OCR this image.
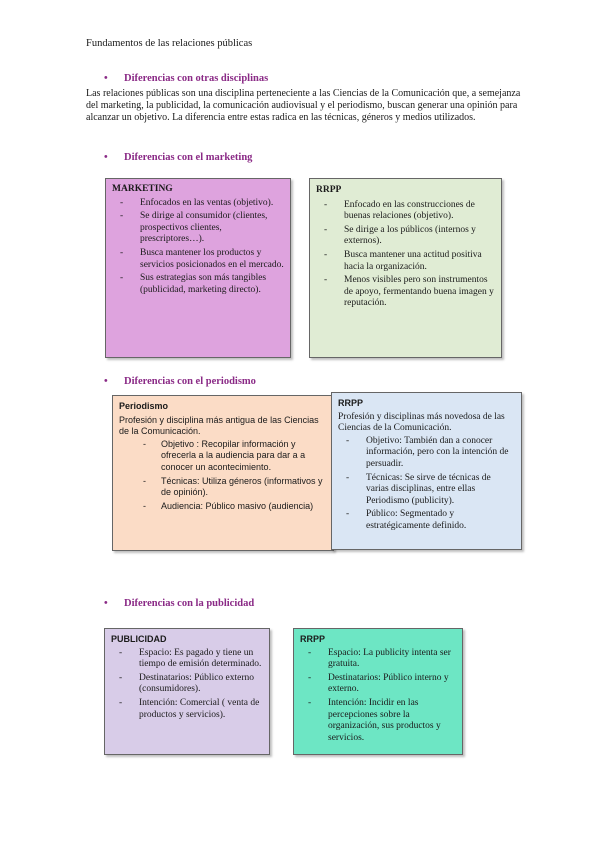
Fundamentos de las relaciones públicas
• Diferencias con otras disciplinas
Las relaciones públicas son una disciplina perteneciente a las Ciencias de la Comunicación que, a semejanza del marketing, la publicidad, la comunicación audiovisual y el periodismo, buscan generar una opinión para alcanzar un objetivo. La diferencia entre estas radica en las técnicas, géneros y medios utilizados.
• Diferencias con el marketing
MARKETING
- Enfocados en las ventas (objetivo).
- Se dirige al consumidor (clientes, prospectivos clientes, prescriptores…).
- Busca mantener los productos y servicios posicionados en el mercado.
- Sus estrategias son más tangibles (publicidad, marketing directo).
RRPP
- Enfocado en las construcciones de buenas relaciones (objetivo).
- Se dirige a los públicos (internos y externos).
- Busca mantener una actitud positiva hacia la organización.
- Menos visibles pero son instrumentos de apoyo, fermentando buena imagen y reputación.
• Diferencias con el periodismo
Periodismo
Profesión y disciplina más antigua de las Ciencias de la Comunicación.
- Objetivo : Recopilar información y ofrecerla a la audiencia para dar a a conocer un acontecimiento.
- Técnicas: Utiliza géneros (informativos y de opinión).
- Audiencia: Público masivo (audiencia)
RRPP
Profesión y disciplinas más novedosa de las Ciencias de la Comunicación.
- Objetivo: También dan a conocer información, pero con la intención de persuadir.
- Técnicas: Se sirve de técnicas de varias disciplinas, entre ellas Periodismo (publicity).
- Público: Segmentado y estratégicamente definido.
• Diferencias con la publicidad
PUBLICIDAD
- Espacio: Es pagado y tiene un tiempo de emisión determinado.
- Destinatarios: Público externo (consumidores).
- Intención: Comercial ( venta de productos y servicios).
RRPP
- Espacio: La publicity intenta ser gratuita.
- Destinatarios: Público interno y externo.
- Intención: Incidir en las percepciones sobre la organización, sus productos y servicios.
